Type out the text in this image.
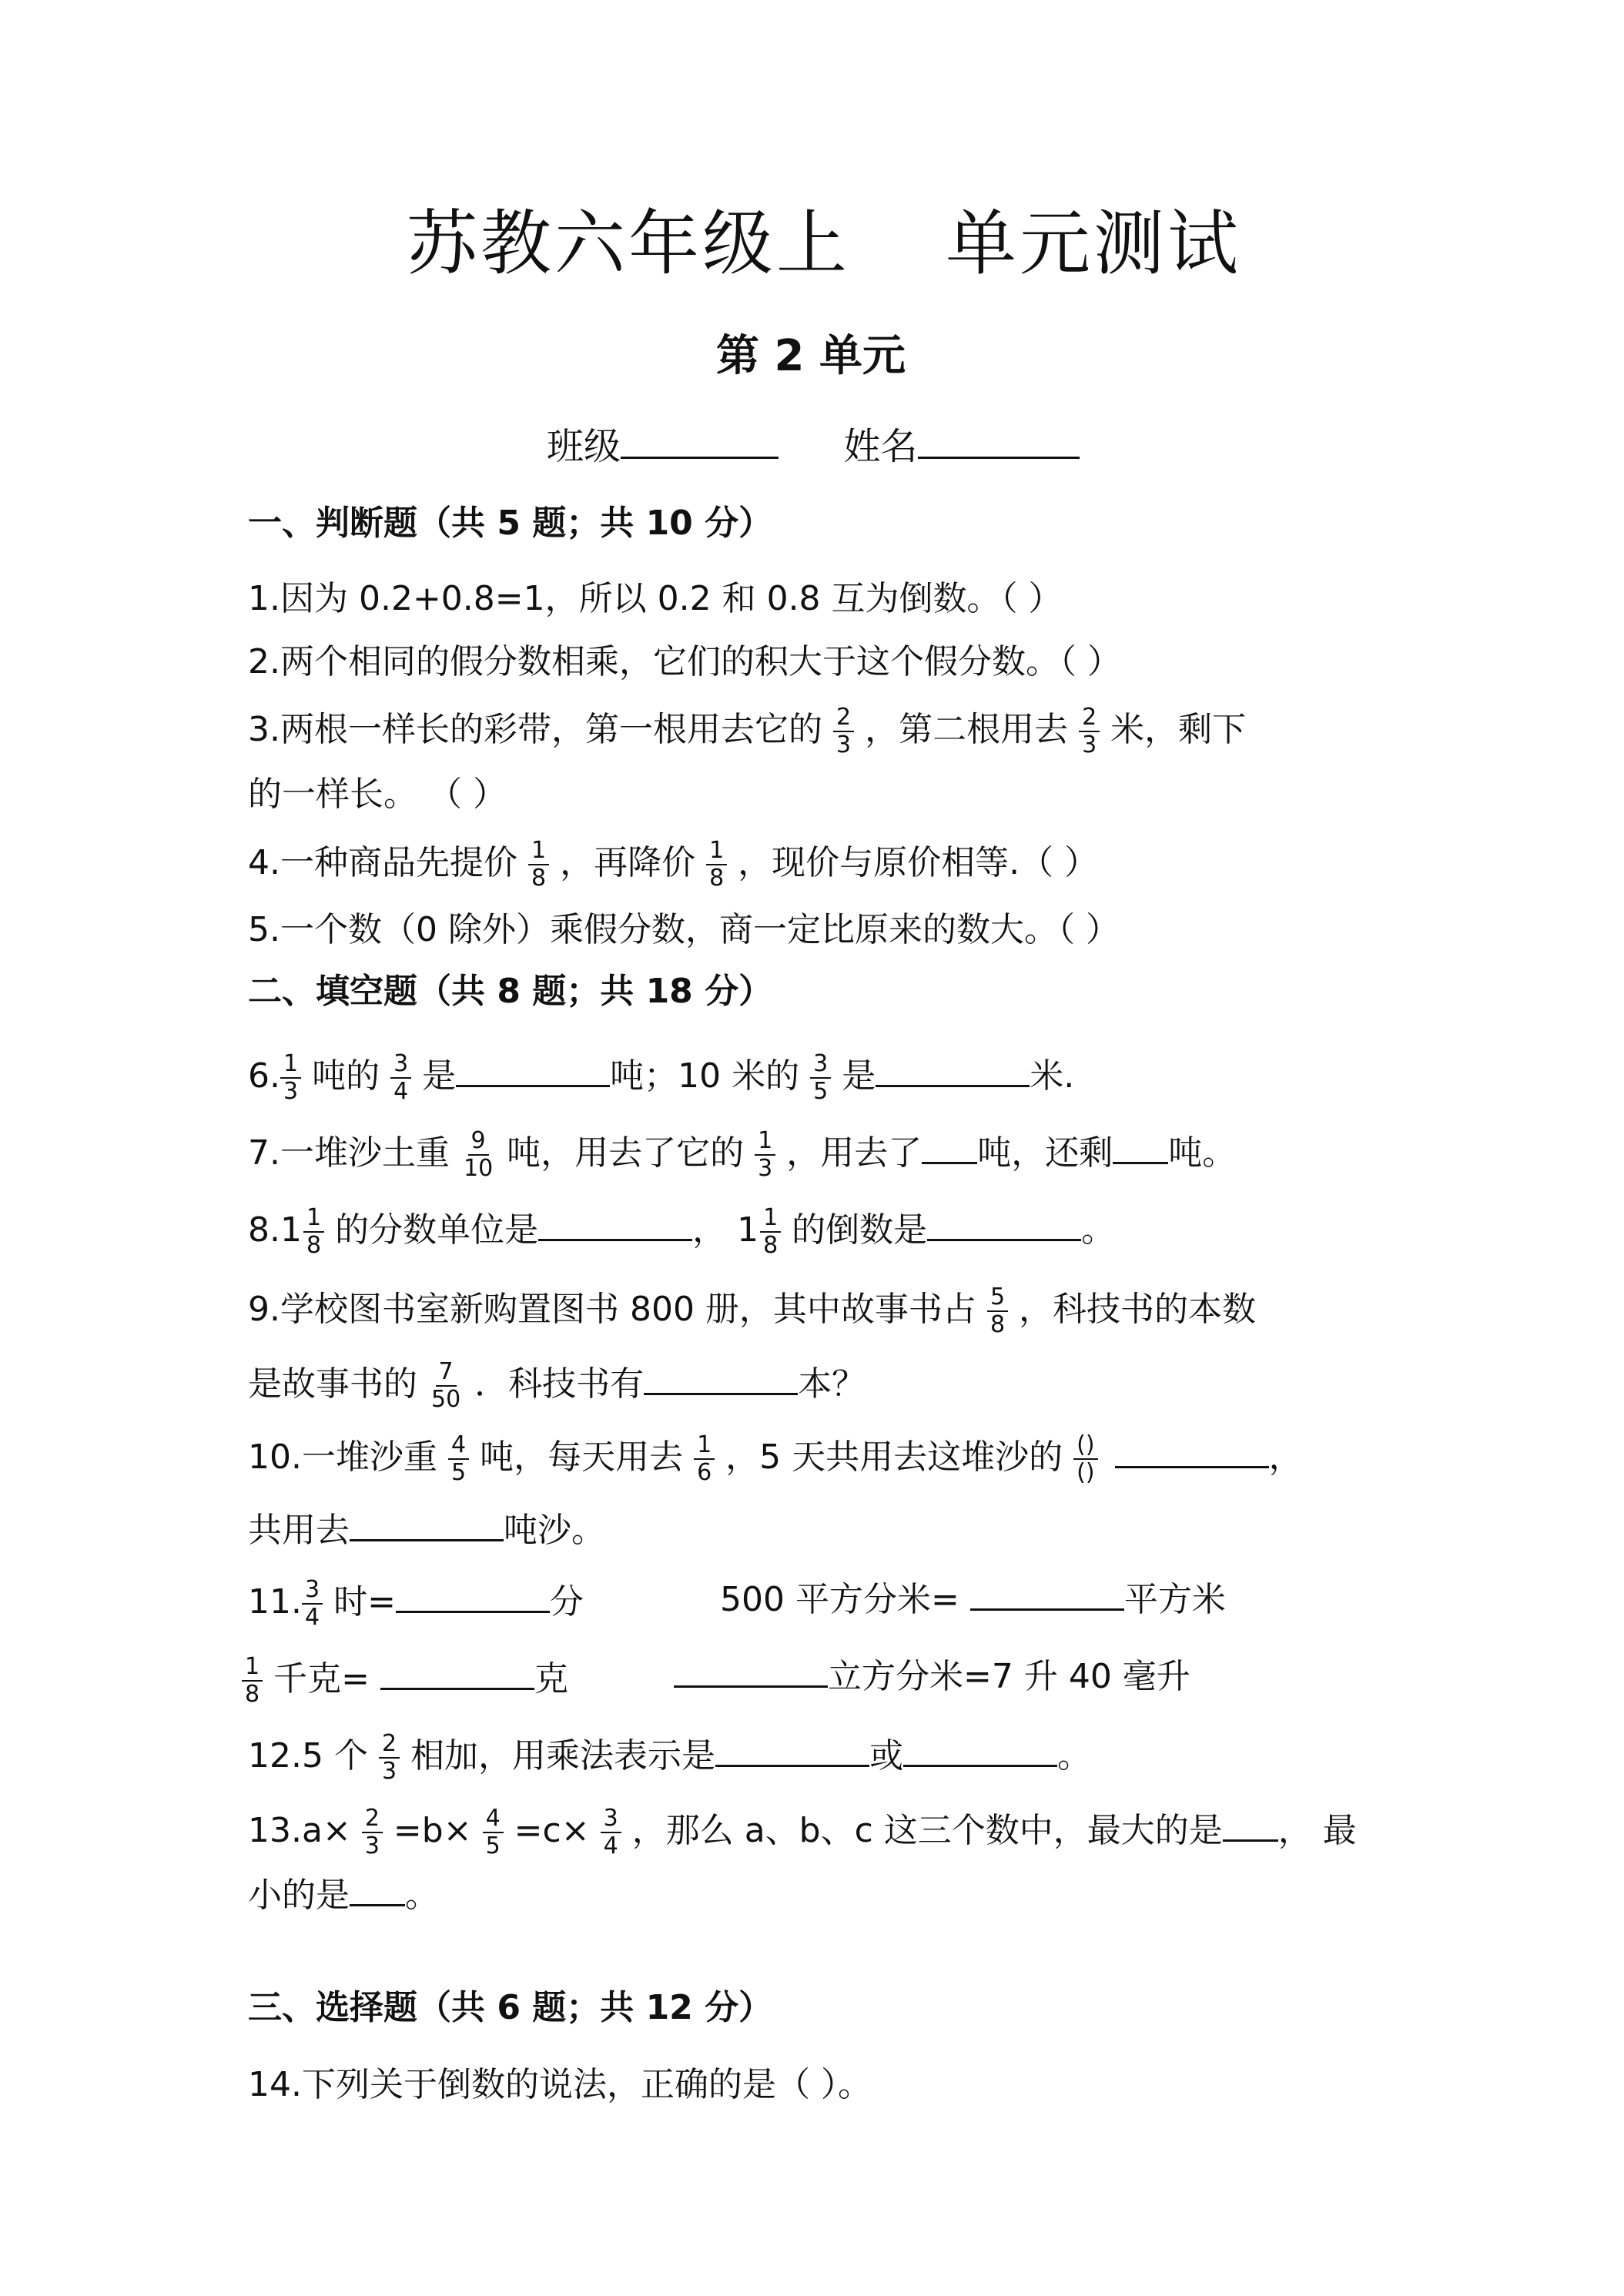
苏教六年级上 单元测试
第 2 单元
班级	姓名
一、判断题（共 5 题；共 10 分）
1.因为 0.2+0.8=1，所以 0.2 和 0.8 互为倒数。（ ）
2.两个相同的假分数相乘，它们的积大于这个假分数。（ ）
3.两根一样长的彩带，第一根用去它的 $\frac{2}{3}$ ，第二根用去 $\frac{2}{3}$ 米，剩下
的一样长。 （ ）
4.一种商品先提价 $\frac{1}{8}$ ，再降价 $\frac{1}{8}$ ，现价与原价相等.（ ）
5.一个数（0 除外）乘假分数，商一定比原来的数大。（ ）
二、填空题（共 8 题；共 18 分）
6. $\frac{1}{3}$ 吨的 $\frac{3}{4}$ 是	吨；10 米的 $\frac{3}{5}$ 是	米.
7.一堆沙土重 $\frac{9}{10}$ 吨，用去了它的 $\frac{1}{3}$ ，用去了 吨，还剩 吨。
$8.1 \frac{1}{8}$ 的分数单位是	， $1 \frac{1}{8}$ 的倒数是	。
9.学校图书室新购置图书 800 册，其中故事书占 $\frac{5}{8}$ ，科技书的本数
是故事书的 $\frac{7}{50}$ ．科技书有	本？
10.一堆沙重 $\frac{4}{5}$ 吨，每天用去 $\frac{1}{6}$ ，5 天共用去这堆沙的 $\frac{()}{()}$	，
共用去	吨沙。
11. $\frac{3}{4}$ 时=	分	500 平方分米=	平方米
$\frac{1}{8}$ 千克=	克	立方分米=7 升 40 毫升
12.5 个 $\frac{2}{3}$ 相加，用乘法表示是	或	。
$13.a\times \frac{2}{3} =b\times \frac{4}{5} =c\times \frac{3}{4}$ ，那么 a、b、c 这三个数中，最大的是 ， 最
小的是 。
三、选择题（共 6 题；共 12 分）
14.下列关于倒数的说法，正确的是（ ）。
